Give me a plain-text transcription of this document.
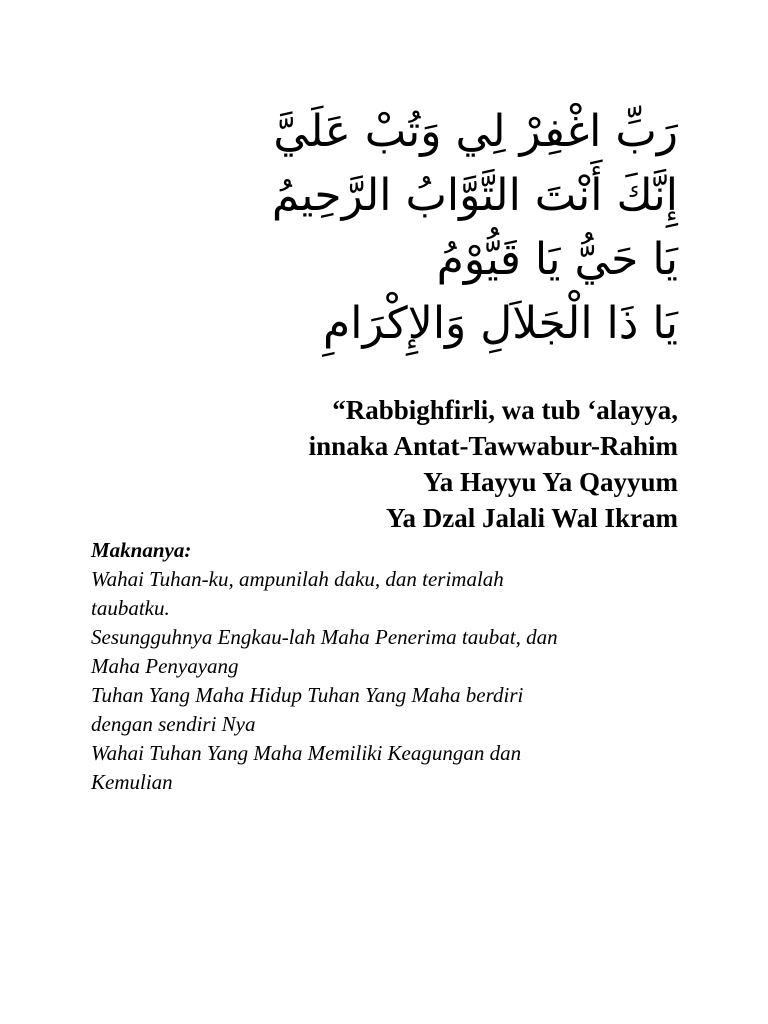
رَبِّ اغْفِرْ لِي وَتُبْ عَلَيَّ
إِنَّكَ أَنْتَ التَّوَّابُ الرَّحِيمُ
يَا حَيُّ يَا قَيُّوْمُ
يَا ذَا الْجَلاَلِ وَالإِكْرَامِ
“Rabbighfirli, wa tub ‘alayya,
innaka Antat-Tawwabur-Rahim
Ya Hayyu Ya Qayyum
Ya Dzal Jalali Wal Ikram
Maknanya:
Wahai Tuhan-ku, ampunilah daku, dan terimalah
taubatku.
Sesungguhnya Engkau-lah Maha Penerima taubat, dan
Maha Penyayang
Tuhan Yang Maha Hidup Tuhan Yang Maha berdiri
dengan sendiri Nya
Wahai Tuhan Yang Maha Memiliki Keagungan dan
Kemulian
